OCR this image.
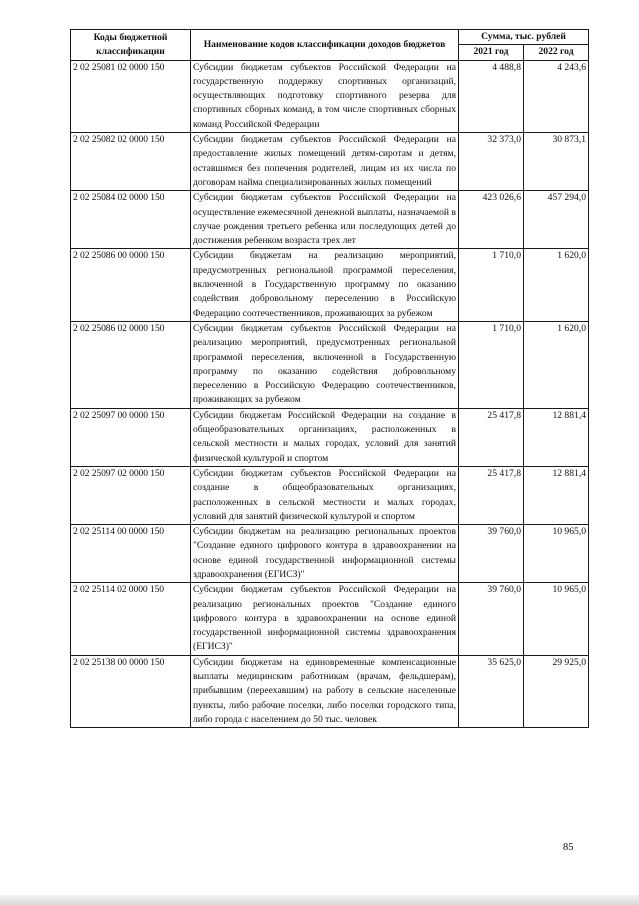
Коды бюджетной классификации	Наименование кодов классификации доходов бюджетов	Сумма, тыс. рублей	
		2021 год	2022 год
2 02 25081 02 0000 150	Субсидии бюджетам субъектов Российской Федерации на государственную поддержку спортивных организаций, осуществляющих подготовку спортивного резерва для спортивных сборных команд, в том числе спортивных сборных команд Российской Федерации	4 488,8	4 243,6
2 02 25082 02 0000 150	Субсидии бюджетам субъектов Российской Федерации на предоставление жилых помещений детям-сиротам и детям, оставшимся без попечения родителей, лицам из их числа по договорам найма специализированных жилых помещений	32 373,0	30 873,1
2 02 25084 02 0000 150	Субсидии бюджетам субъектов Российской Федерации на осуществление ежемесячной денежной выплаты, назначаемой в случае рождения третьего ребенка или последующих детей до достижения ребенком возраста трех лет	423 026,6	457 294,0
2 02 25086 00 0000 150	Субсидии бюджетам на реализацию мероприятий, предусмотренных региональной программой переселения, включенной в Государственную программу по оказанию содействия добровольному переселению в Российскую Федерацию соотечественников, проживающих за рубежом	1 710,0	1 620,0
2 02 25086 02 0000 150	Субсидии бюджетам субъектов Российской Федерации на реализацию мероприятий, предусмотренных региональной программой переселения, включенной в Государственную программу по оказанию содействия добровольному переселению в Российскую Федерацию соотечественников, проживающих за рубежом	1 710,0	1 620,0
2 02 25097 00 0000 150	Субсидии бюджетам Российской Федерации на создание в общеобразовательных организациях, расположенных в сельской местности и малых городах, условий для занятий физической культурой и спортом	25 417,8	12 881,4
2 02 25097 02 0000 150	Субсидии бюджетам субъектов Российской Федерации на создание в общеобразовательных организациях, расположенных в сельской местности и малых городах, условий для занятий физической культурой и спортом	25 417,8	12 881,4
2 02 25114 00 0000 150	Субсидии бюджетам на реализацию региональных проектов "Создание единого цифрового контура в здравоохранении на основе единой государственной информационной системы здравоохранения (ЕГИСЗ)"	39 760,0	10 965,0
2 02 25114 02 0000 150	Субсидии бюджетам субъектов Российской Федерации на реализацию региональных проектов "Создание единого цифрового контура в здравоохранении на основе единой государственной информационной системы здравоохранения (ЕГИСЗ)"	39 760,0	10 965,0
2 02 25138 00 0000 150	Субсидии бюджетам на единовременные компенсационные выплаты медицинским работникам (врачам, фельдшерам), прибывшим (переехавшим) на работу в сельские населенные пункты, либо рабочие поселки, либо поселки городского типа, либо города с населением до 50 тыс. человек	35 625,0	29 925,0
85
